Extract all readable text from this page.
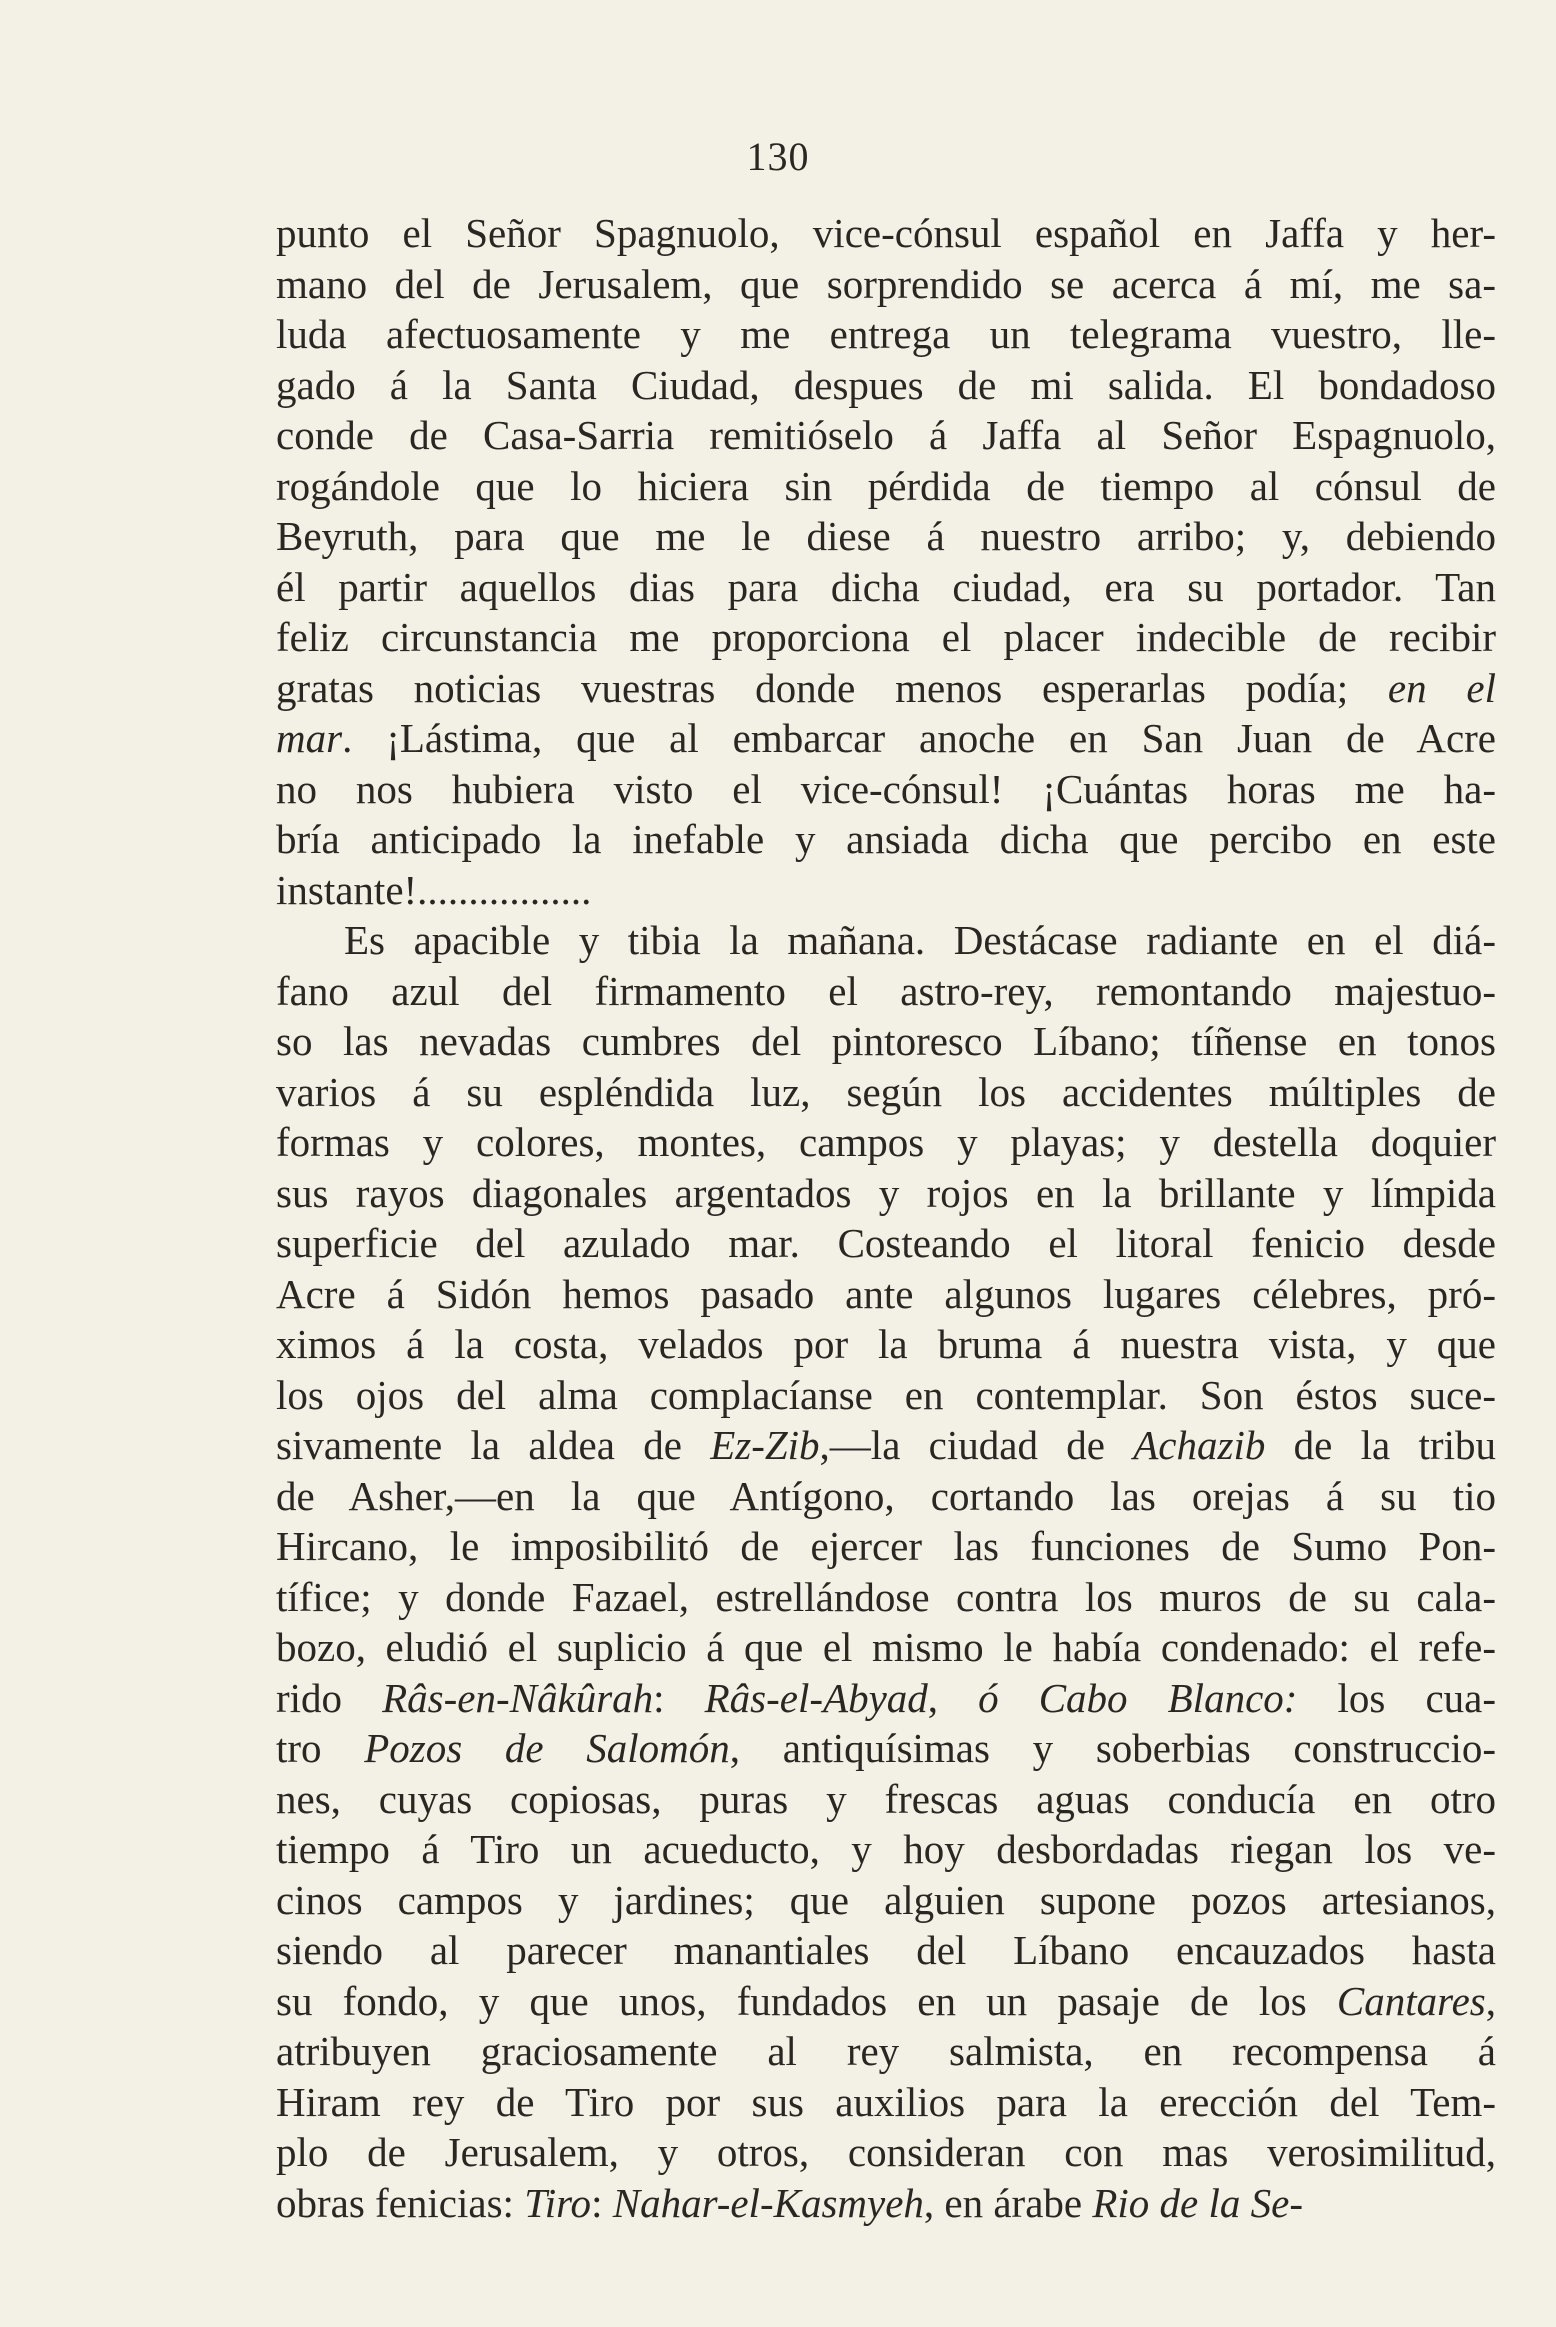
130
punto el Señor Spagnuolo, vice-cónsul español en Jaffa y her-
mano del de Jerusalem, que sorprendido se acerca á mí, me sa-
luda afectuosamente y me entrega un telegrama vuestro, lle-
gado á la Santa Ciudad, despues de mi salida. El bondadoso
conde de Casa-Sarria remitióselo á Jaffa al Señor Espagnuolo,
rogándole que lo hiciera sin pérdida de tiempo al cónsul de
Beyruth, para que me le diese á nuestro arribo; y, debiendo
él partir aquellos dias para dicha ciudad, era su portador. Tan
feliz circunstancia me proporciona el placer indecible de recibir
gratas noticias vuestras donde menos esperarlas podía; en el
mar. ¡Lástima, que al embarcar anoche en San Juan de Acre
no nos hubiera visto el vice-cónsul! ¡Cuántas horas me ha-
bría anticipado la inefable y ansiada dicha que percibo en este
instante!.................
Es apacible y tibia la mañana. Destácase radiante en el diá-
fano azul del firmamento el astro-rey, remontando majestuo-
so las nevadas cumbres del pintoresco Líbano; tíñense en tonos
varios á su espléndida luz, según los accidentes múltiples de
formas y colores, montes, campos y playas; y destella doquier
sus rayos diagonales argentados y rojos en la brillante y límpida
superficie del azulado mar. Costeando el litoral fenicio desde
Acre á Sidón hemos pasado ante algunos lugares célebres, pró-
ximos á la costa, velados por la bruma á nuestra vista, y que
los ojos del alma complacíanse en contemplar. Son éstos suce-
sivamente la aldea de Ez-Zib,—la ciudad de Achazib de la tribu
de Asher,—en la que Antígono, cortando las orejas á su tio
Hircano, le imposibilitó de ejercer las funciones de Sumo Pon-
tífice; y donde Fazael, estrellándose contra los muros de su cala-
bozo, eludió el suplicio á que el mismo le había condenado: el refe-
rido Râs-en-Nâkûrah: Râs-el-Abyad, ó Cabo Blanco: los cua-
tro Pozos de Salomón, antiquísimas y soberbias construccio-
nes, cuyas copiosas, puras y frescas aguas conducía en otro
tiempo á Tiro un acueducto, y hoy desbordadas riegan los ve-
cinos campos y jardines; que alguien supone pozos artesianos,
siendo al parecer manantiales del Líbano encauzados hasta
su fondo, y que unos, fundados en un pasaje de los Cantares,
atribuyen graciosamente al rey salmista, en recompensa á
Hiram rey de Tiro por sus auxilios para la erección del Tem-
plo de Jerusalem, y otros, consideran con mas verosimilitud,
obras fenicias: Tiro: Nahar-el-Kasmyeh, en árabe Rio de la Se-
